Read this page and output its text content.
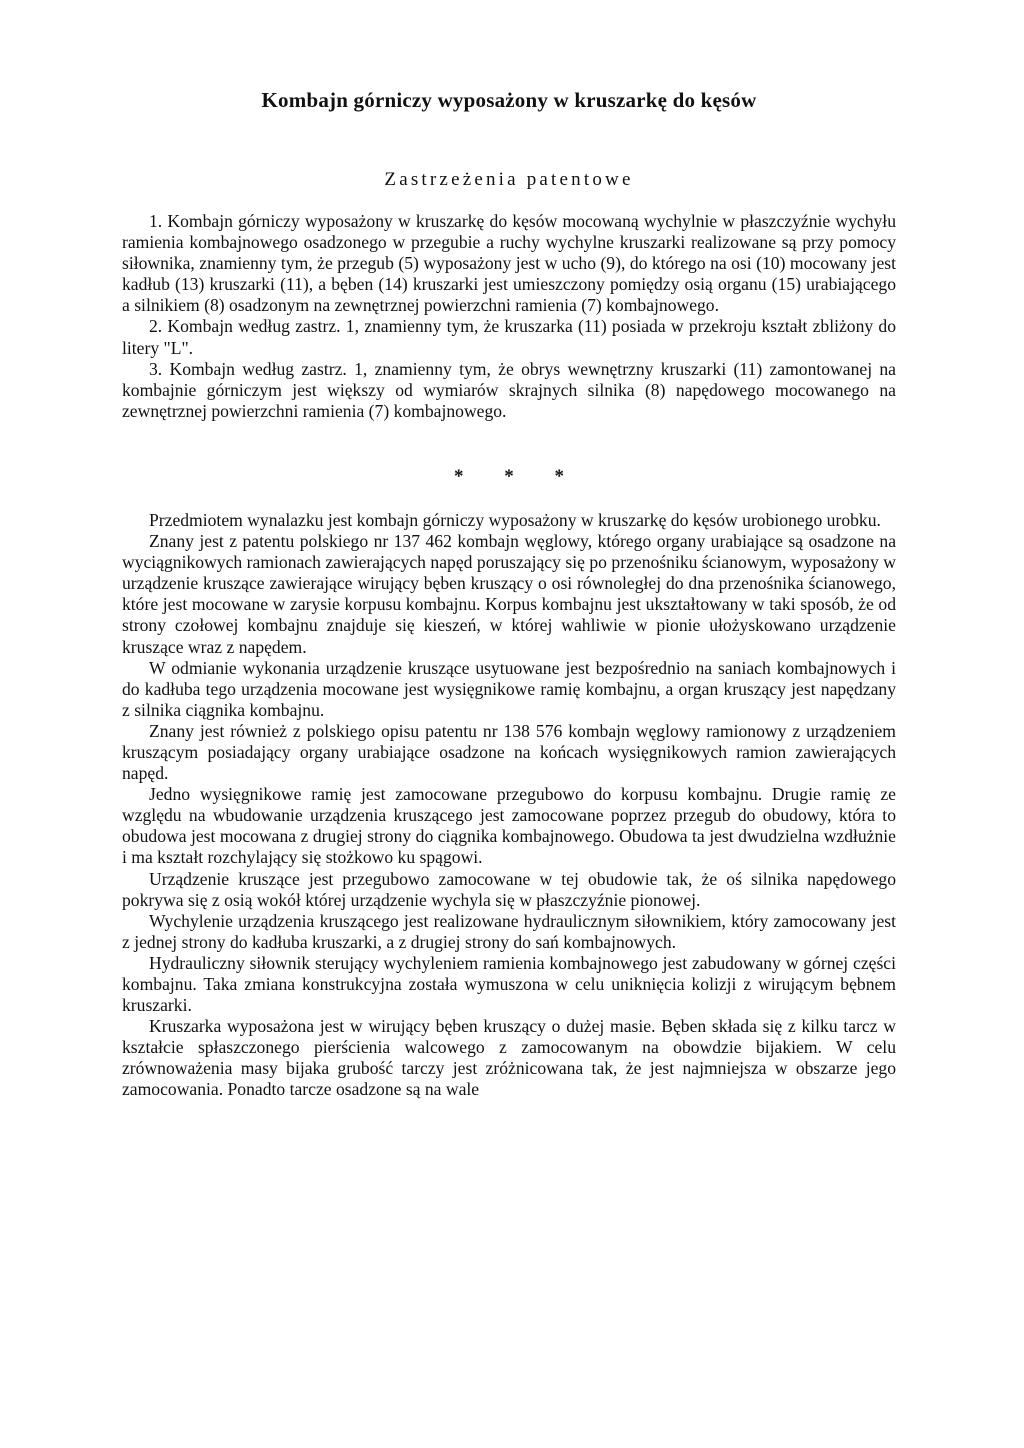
Kombajn górniczy wyposażony w kruszarkę do kęsów
Zastrzeżenia patentowe

1. Kombajn górniczy wyposażony w kruszarkę do kęsów mocowaną wychylnie w płaszczyźnie wychyłu ramienia kombajnowego osadzonego w przegubie a ruchy wychylne kruszarki realizowane są przy pomocy siłownika, znamienny tym, że przegub (5) wyposażony jest w ucho (9), do którego na osi (10) mocowany jest kadłub (13) kruszarki (11), a bęben (14) kruszarki jest umieszczony pomiędzy osią organu (15) urabiającego a silnikiem (8) osadzonym na zewnętrznej powierzchni ramienia (7) kombajnowego.

2. Kombajn według zastrz. 1, znamienny tym, że kruszarka (11) posiada w przekroju kształt zbliżony do litery "L".

3. Kombajn według zastrz. 1, znamienny tym, że obrys wewnętrzny kruszarki (11) zamontowanej na kombajnie górniczym jest większy od wymiarów skrajnych silnika (8) napędowego mocowanego na zewnętrznej powierzchni ramienia (7) kombajnowego.

* * *

Przedmiotem wynalazku jest kombajn górniczy wyposażony w kruszarkę do kęsów urobionego urobku.

Znany jest z patentu polskiego nr 137 462 kombajn węglowy, którego organy urabiające są osadzone na wyciągnikowych ramionach zawierających napęd poruszający się po przenośniku ścianowym, wyposażony w urządzenie kruszące zawierające wirujący bęben kruszący o osi równoległej do dna przenośnika ścianowego, które jest mocowane w zarysie korpusu kombajnu. Korpus kombajnu jest ukształtowany w taki sposób, że od strony czołowej kombajnu znajduje się kieszeń, w której wahliwie w pionie ułożyskowano urządzenie kruszące wraz z napędem.

W odmianie wykonania urządzenie kruszące usytuowane jest bezpośrednio na saniach kombajnowych i do kadłuba tego urządzenia mocowane jest wysięgnikowe ramię kombajnu, a organ kruszący jest napędzany z silnika ciągnika kombajnu.

Znany jest również z polskiego opisu patentu nr 138 576 kombajn węglowy ramionowy z urządzeniem kruszącym posiadający organy urabiające osadzone na końcach wysięgnikowych ramion zawierających napęd.

Jedno wysięgnikowe ramię jest zamocowane przegubowo do korpusu kombajnu. Drugie ramię ze względu na wbudowanie urządzenia kruszącego jest zamocowane poprzez przegub do obudowy, która to obudowa jest mocowana z drugiej strony do ciągnika kombajnowego. Obudowa ta jest dwudzielna wzdłużnie i ma kształt rozchylający się stożkowo ku spągowi.

Urządzenie kruszące jest przegubowo zamocowane w tej obudowie tak, że oś silnika napędowego pokrywa się z osią wokół której urządzenie wychyla się w płaszczyźnie pionowej.

Wychylenie urządzenia kruszącego jest realizowane hydraulicznym siłownikiem, który zamocowany jest z jednej strony do kadłuba kruszarki, a z drugiej strony do sań kombajnowych.

Hydrauliczny siłownik sterujący wychyleniem ramienia kombajnowego jest zabudowany w górnej części kombajnu. Taka zmiana konstrukcyjna została wymuszona w celu uniknięcia kolizji z wirującym bębnem kruszarki.

Kruszarka wyposażona jest w wirujący bęben kruszący o dużej masie. Bęben składa się z kilku tarcz w kształcie spłaszczonego pierścienia walcowego z zamocowanym na obowdzie bijakiem. W celu zrównoważenia masy bijaka grubość tarczy jest zróżnicowana tak, że jest najmniejsza w obszarze jego zamocowania. Ponadto tarcze osadzone są na wale
